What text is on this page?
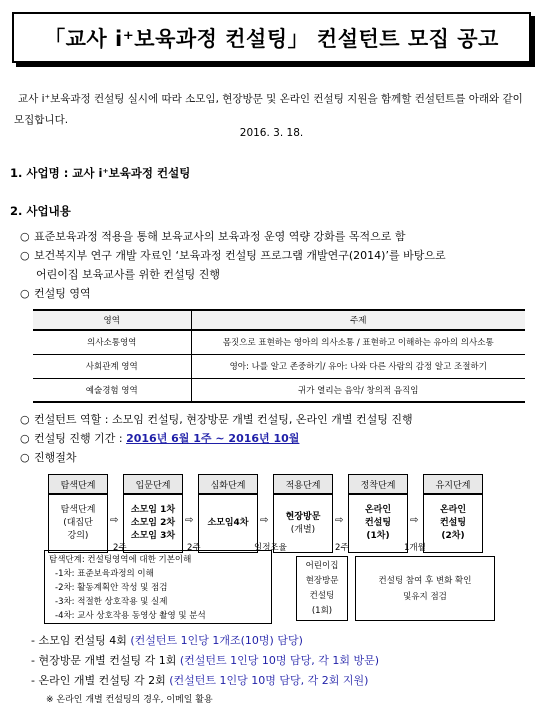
「교사 i⁺보육과정 컨설팅」 컨설턴트 모집 공고
교사 i⁺보육과정 컨설팅 실시에 따라 소모임, 현장방문 및 온라인 컨설팅 지원을 함께할 컨설턴트를 아래와 같이 모집합니다.
2016. 3. 18.
1. 사업명 : 교사 i⁺보육과정 컨설팅
2. 사업내용
○ 표준보육과정 적용을 통해 보육교사의 보육과정 운영 역량 강화를 목적으로 함
○ 보건복지부 연구 개발 자료인 ‘보육과정 컨설팅 프로그램 개발연구(2014)’를 바탕으로
어린이집 보육교사를 위한 컨설팅 진행
○ 컨설팅 영역
영역	주제
의사소통영역	몸짓으로 표현하는 영아의 의사소통 / 표현하고 이해하는 유아의 의사소통
사회관계 영역	영아: 나를 알고 존중하기/ 유아: 나와 다른 사람의 감정 알고 조절하기
예술경험 영역	귀가 열리는 음악/ 창의적 음직임
○ 컨설턴트 역할 : 소모임 컨설팅, 현장방문 개별 컨설팅, 온라인 개별 컨설팅 진행
○ 컨설팅 진행 기간 : 2016년 6월 1주 ~ 2016년 10월
○ 진행절차
탐색단계	입문단계	심화단계	적용단계	정착단계	유지단계
탐색단계
(대집단
강의)
소모임 1차
소모임 2차
소모임 3차
소모임4차
현장방문
(개별)
온라인
컨설팅
(1차)
온라인
컨설팅
(2차)
⇨	⇨	⇨	⇨	⇨
2주	2주	일정조율	2주	1개월
탐색단계: 컨설팅영역에 대한 기본이해
-1차: 표준보육과정의 이해
-2차: 활동계획안 작성 및 점검
-3차: 적절한 상호작용 및 실제
-4차: 교사 상호작용 동영상 촬영 및 분석
어린이집
현장방문
컨설팅
(1회)
컨설팅 참여 후 변화 확인
및유지 점검
- 소모임 컨설팅 4회 (컨설턴트 1인당 1개조(10명) 담당)
- 현장방문 개별 컨설팅 각 1회 (컨설턴트 1인당 10명 담당, 각 1회 방문)
- 온라인 개별 컨설팅 각 2회 (컨설턴트 1인당 10명 담당, 각 2회 지원)
※ 온라인 개별 컨설팅의 경우, 이메일 활용
